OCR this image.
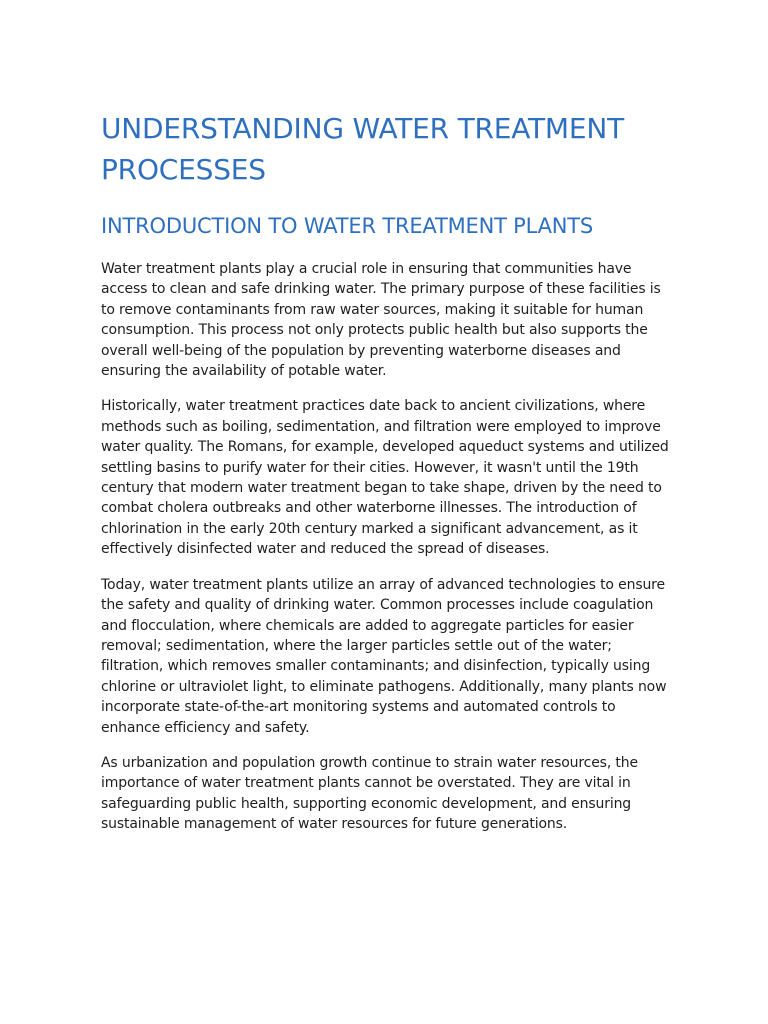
UNDERSTANDING WATER TREATMENT PROCESSES
INTRODUCTION TO WATER TREATMENT PLANTS

Water treatment plants play a crucial role in ensuring that communities have access to clean and safe drinking water. The primary purpose of these facilities is to remove contaminants from raw water sources, making it suitable for human consumption. This process not only protects public health but also supports the overall well-being of the population by preventing waterborne diseases and ensuring the availability of potable water.

Historically, water treatment practices date back to ancient civilizations, where methods such as boiling, sedimentation, and filtration were employed to improve water quality. The Romans, for example, developed aqueduct systems and utilized settling basins to purify water for their cities. However, it wasn't until the 19th century that modern water treatment began to take shape, driven by the need to combat cholera outbreaks and other waterborne illnesses. The introduction of chlorination in the early 20th century marked a significant advancement, as it effectively disinfected water and reduced the spread of diseases.

Today, water treatment plants utilize an array of advanced technologies to ensure the safety and quality of drinking water. Common processes include coagulation and flocculation, where chemicals are added to aggregate particles for easier removal; sedimentation, where the larger particles settle out of the water; filtration, which removes smaller contaminants; and disinfection, typically using chlorine or ultraviolet light, to eliminate pathogens. Additionally, many plants now incorporate state-of-the-art monitoring systems and automated controls to enhance efficiency and safety.

As urbanization and population growth continue to strain water resources, the importance of water treatment plants cannot be overstated. They are vital in safeguarding public health, supporting economic development, and ensuring sustainable management of water resources for future generations.
